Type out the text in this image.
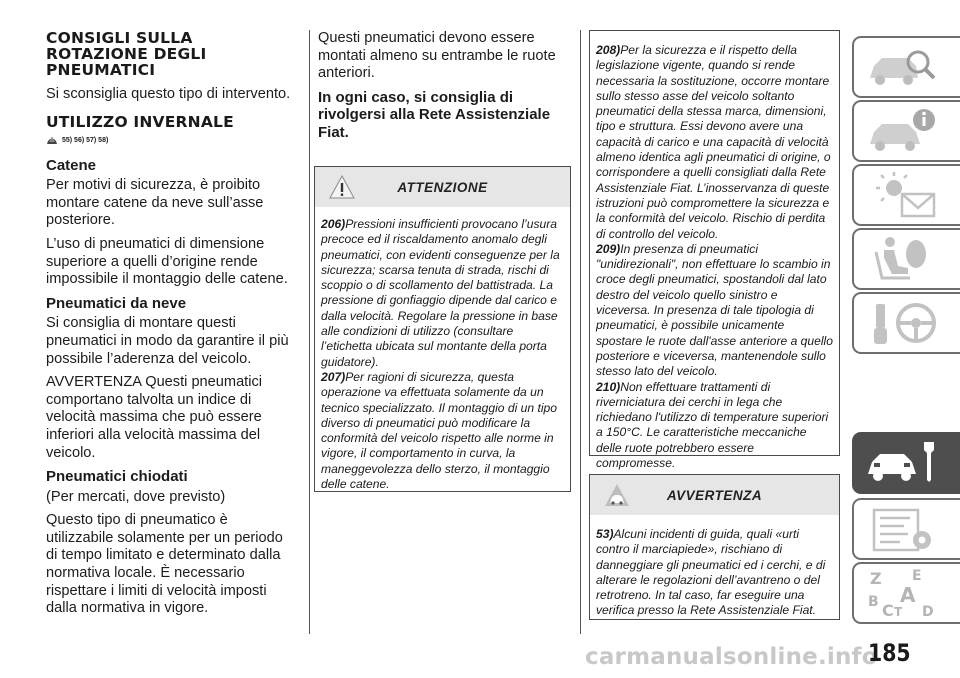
CONSIGLI SULLA ROTAZIONE DEGLI PNEUMATICI

Si sconsiglia questo tipo di intervento.

UTILIZZO INVERNALE
55) 56) 57) 58)
Catene

Per motivi di sicurezza, è proibito montare catene da neve sull’asse posteriore.

L’uso di pneumatici di dimensione superiore a quelli d’origine rende impossibile il montaggio delle catene.

Pneumatici da neve

Si consiglia di montare questi pneumatici in modo da garantire il più possibile l’aderenza del veicolo.

AVVERTENZA Questi pneumatici comportano talvolta un indice di velocità massima che può essere inferiori alla velocità massima del veicolo.

Pneumatici chiodati

(Per mercati, dove previsto)

Questo tipo di pneumatico è utilizzabile solamente per un periodo di tempo limitato e determinato dalla normativa locale. È necessario rispettare i limiti di velocità imposti dalla normativa in vigore.

Questi pneumatici devono essere montati almeno su entrambe le ruote anteriori.

In ogni caso, si consiglia di rivolgersi alla Rete Assistenziale Fiat.
ATTENZIONE
206)Pressioni insufficienti provocano l’usura precoce ed il riscaldamento anomalo degli pneumatici, con evidenti conseguenze per la sicurezza; scarsa tenuta di strada, rischi di scoppio o di scollamento del battistrada. La pressione di gonfiaggio dipende dal carico e dalla velocità. Regolare la pressione in base alle condizioni di utilizzo (consultare l’etichetta ubicata sul montante della porta guidatore).
207)Per ragioni di sicurezza, questa operazione va effettuata solamente da un tecnico specializzato. Il montaggio di un tipo diverso di pneumatici può modificare la conformità del veicolo rispetto alle norme in vigore, il comportamento in curva, la maneggevolezza dello sterzo, il montaggio delle catene.
208)Per la sicurezza e il rispetto della legislazione vigente, quando si rende necessaria la sostituzione, occorre montare sullo stesso asse del veicolo soltanto pneumatici della stessa marca, dimensioni, tipo e struttura. Essi devono avere una capacità di carico e una capacità di velocità almeno identica agli pneumatici di origine, o corrispondere a quelli consigliati dalla Rete Assistenziale Fiat. L’inosservanza di queste istruzioni può compromettere la sicurezza e la conformità del veicolo. Rischio di perdita di controllo del veicolo.
209)In presenza di pneumatici "unidirezionali", non effettuare lo scambio in croce degli pneumatici, spostandoli dal lato destro del veicolo quello sinistro e viceversa. In presenza di tale tipologia di pneumatici, è possibile unicamente spostare le ruote dall'asse anteriore a quello posteriore e viceversa, mantenendole sullo stesso lato del veicolo.
210)Non effettuare trattamenti di riverniciatura dei cerchi in lega che richiedano l'utilizzo di temperature superiori a 150°C. Le caratteristiche meccaniche delle ruote potrebbero essere compromesse.
AVVERTENZA
53)Alcuni incidenti di guida, quali «urti contro il marciapiede», rischiano di danneggiare gli pneumatici ed i cerchi, e di alterare le regolazioni dell’avantreno o del retrotreno. In tal caso, far eseguire una verifica presso la Rete Assistenziale Fiat.
Z E
A
B C T D
carmanualsonline.info
185
